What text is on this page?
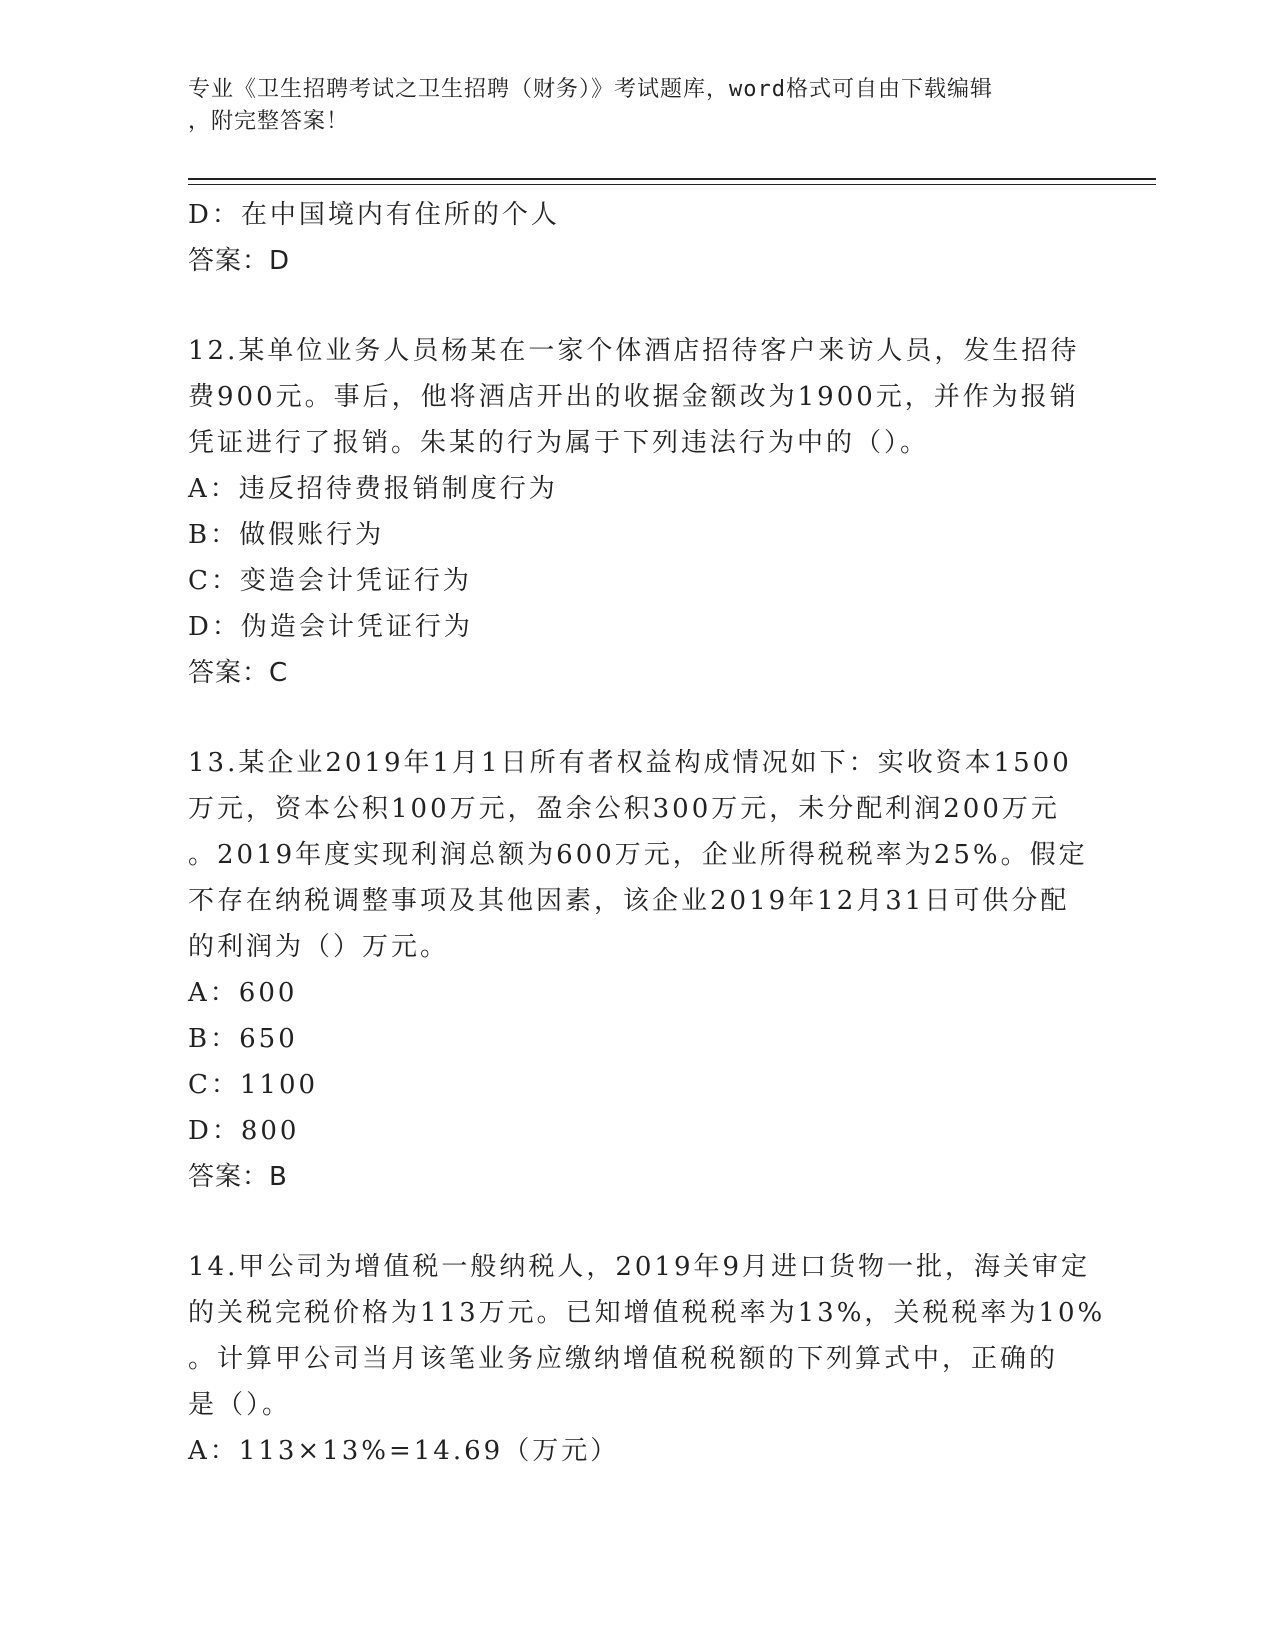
专业《卫生招聘考试之卫生招聘（财务）》考试题库，word格式可自由下载编辑
，附完整答案！
D：在中国境内有住所的个人
答案：D
12.某单位业务人员杨某在一家个体酒店招待客户来访人员，发生招待
费900元。事后，他将酒店开出的收据金额改为1900元，并作为报销
凭证进行了报销。朱某的行为属于下列违法行为中的（）。
A：违反招待费报销制度行为
B：做假账行为
C：变造会计凭证行为
D：伪造会计凭证行为
答案：C
13.某企业2019年1月1日所有者权益构成情况如下：实收资本1500
万元，资本公积100万元，盈余公积300万元，未分配利润200万元
。2019年度实现利润总额为600万元，企业所得税税率为25%。假定
不存在纳税调整事项及其他因素，该企业2019年12月31日可供分配
的利润为（）万元。
A：600
B：650
C：1100
D：800
答案：B
14.甲公司为增值税一般纳税人，2019年9月进口货物一批，海关审定
的关税完税价格为113万元。已知增值税税率为13%，关税税率为10%
。计算甲公司当月该笔业务应缴纳增值税税额的下列算式中，正确的
是（）。
A：113×13%=14.69（万元）
